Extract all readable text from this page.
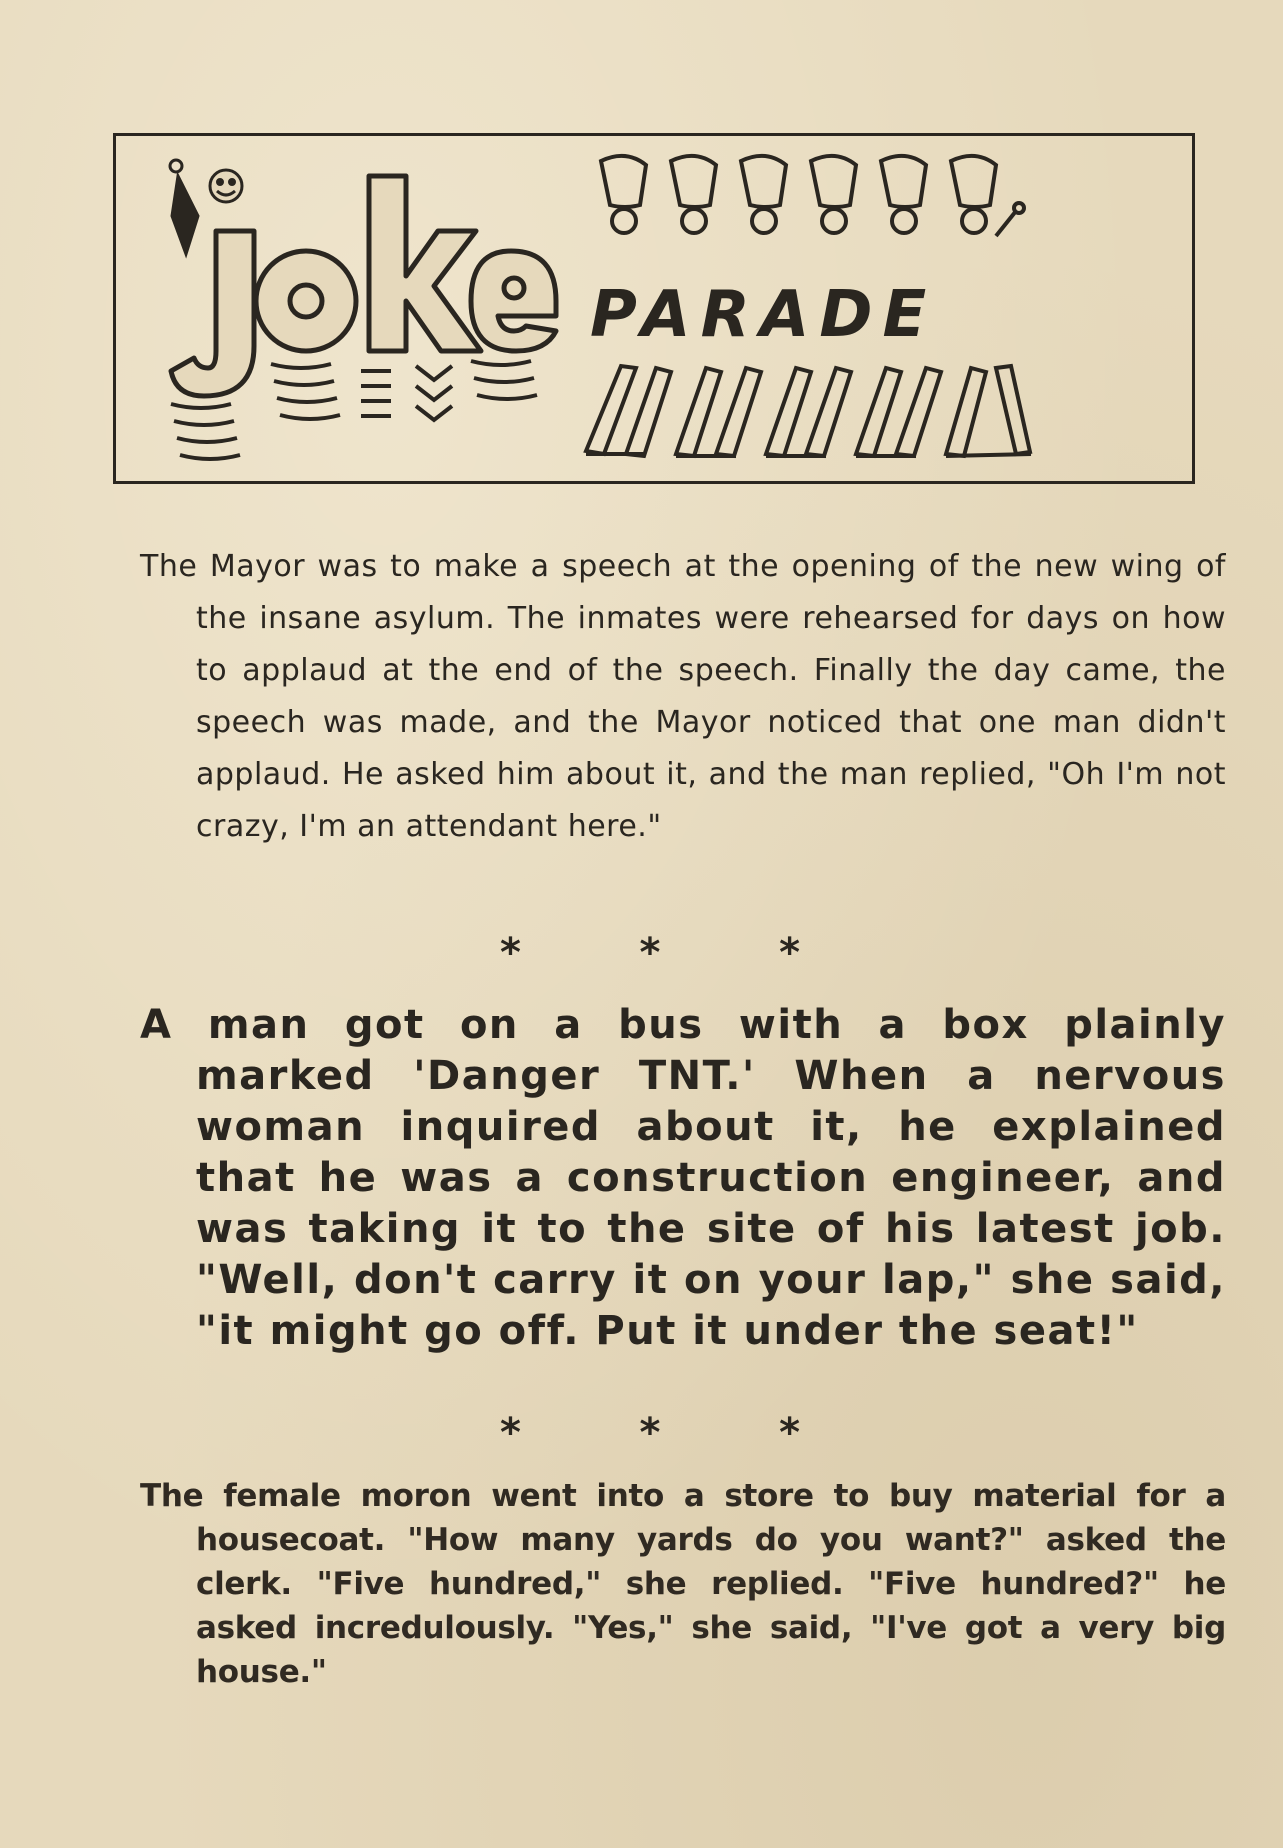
PARADE

The Mayor was to make a speech at the opening of the new wing of the insane asylum. The inmates were rehearsed for days on how to applaud at the end of the speech. Finally the day came, the speech was made, and the Mayor noticed that one man didn't applaud. He asked him about it, and the man replied, "Oh I'm not crazy, I'm an attendant here."

*	*	*

A man got on a bus with a box plainly marked 'Danger TNT.' When a nervous woman inquired about it, he explained that he was a construction engineer, and was taking it to the site of his latest job. "Well, don't carry it on your lap," she said, "it might go off. Put it under the seat!"

*	*	*

The female moron went into a store to buy material for a housecoat. "How many yards do you want?" asked the clerk. "Five hundred," she replied. "Five hundred?" he asked incredulously. "Yes," she said, "I've got a very big house."
